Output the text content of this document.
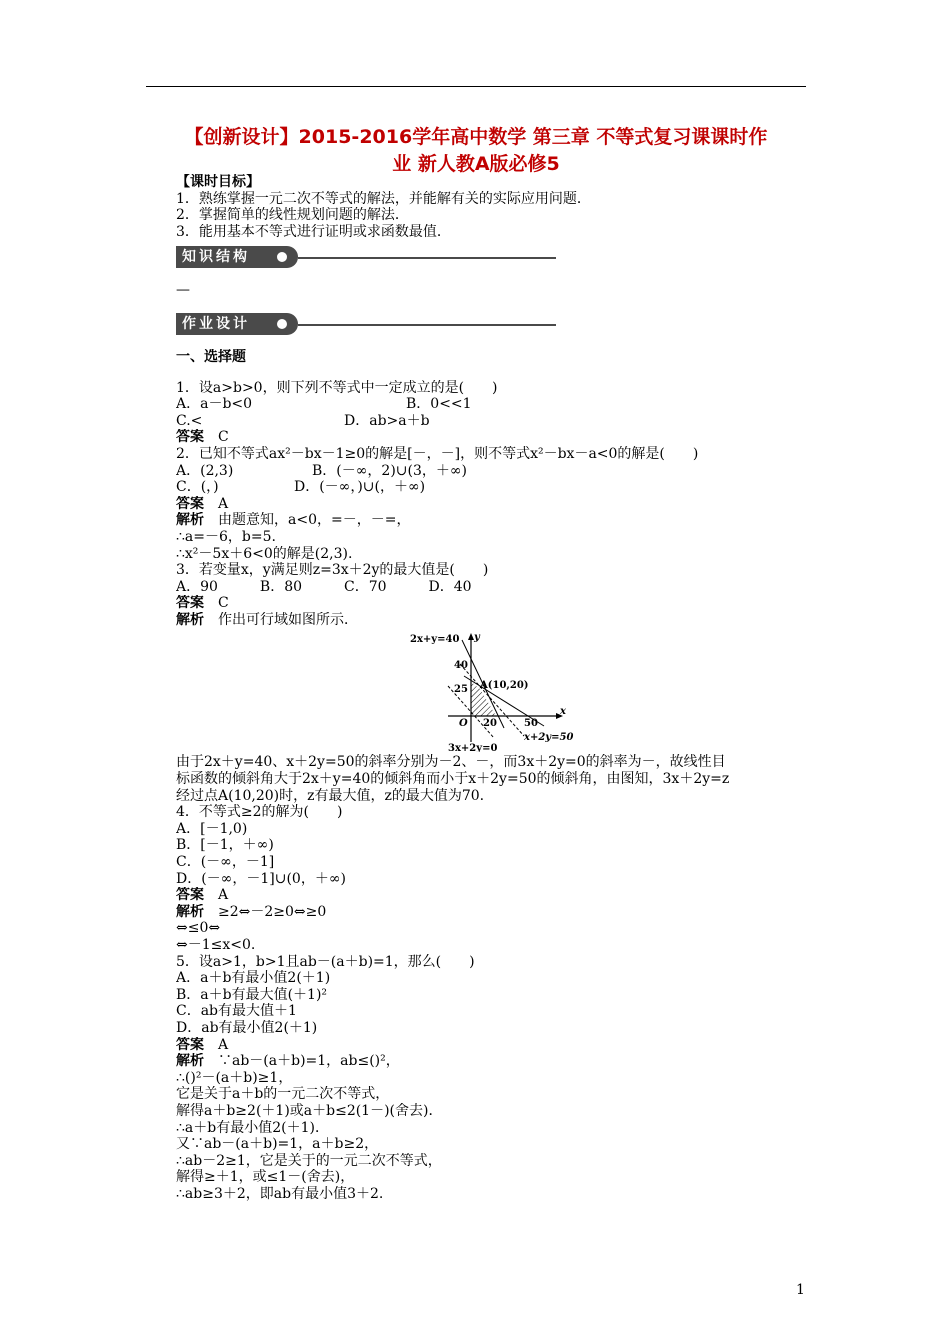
【创新设计】2015-2016学年高中数学 第三章 不等式复习课课时作
业 新人教A版必修5
【课时目标】
1．熟练掌握一元二次不等式的解法，并能解有关的实际应用问题．
2．掌握简单的线性规划问题的解法．
3．能用基本不等式进行证明或求函数最值．
知识结构
—
作业设计
一、选择题
1．设a>b>0，则下列不等式中一定成立的是(　　)
A．a－b<0	B．0<<1
C.<	D．ab>a＋b
答案　 C
2．已知不等式ax²－bx－1≥0的解是[－，－]，则不等式x²－bx－a<0的解是(　　)
A．(2,3)	B．(－∞，2)∪(3，＋∞)
C．(，)	D．(－∞，)∪(，＋∞)
答案　 A
解析　 由题意知，a<0，=－，－=，
∴a=－6，b=5.
∴x²－5x＋6<0的解是(2,3).
3．若变量x，y满足则z=3x＋2y的最大值是(　　)
A．90　　　B．80　　　C．70　　　D．40
答案　 C
解析　 作出可行域如图所示．
2x+y=40 y
40
25 A(10,20)
O 20	50
x
x+2y=50
3x+2y=0
由于2x＋y=40、x＋2y=50的斜率分别为－2、－，而3x＋2y=0的斜率为－，故线性目
标函数的倾斜角大于2x＋y=40的倾斜角而小于x＋2y=50的倾斜角，由图知，3x＋2y=z
经过点A(10,20)时，z有最大值，z的最大值为70.
4．不等式≥2的解为(　　)
A．[－1,0)
B．[－1，＋∞)
C．(－∞，－1]
D．(－∞，－1]∪(0，＋∞)
答案　 A
解析　 ≥2⇔－2≥0⇔≥0
⇔≤0⇔
⇔－1≤x<0.
5．设a>1，b>1且ab－(a＋b)=1，那么(　　)
A．a＋b有最小值2(＋1)
B．a＋b有最大值(＋1)²
C．ab有最大值＋1
D．ab有最小值2(＋1)
答案　 A
解析　 ∵ab－(a＋b)=1，ab≤()²，
∴()²－(a＋b)≥1，
它是关于a＋b的一元二次不等式，
解得a＋b≥2(＋1)或a＋b≤2(1－)(舍去)．
∴a＋b有最小值2(＋1)．
又∵ab－(a＋b)=1，a＋b≥2，
∴ab－2≥1，它是关于的一元二次不等式，
解得≥＋1，或≤1－(舍去)，
∴ab≥3＋2，即ab有最小值3＋2.
1
